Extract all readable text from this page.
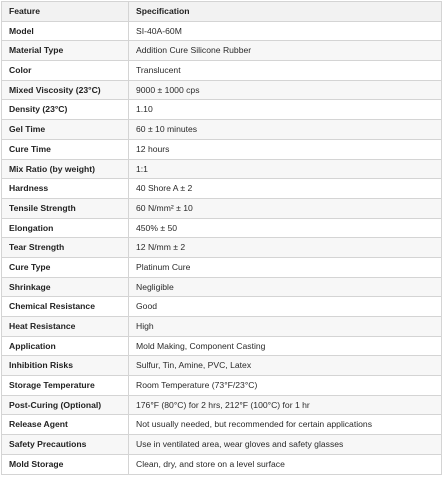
Feature	Specification
Model	SI-40A-60M
Material Type	Addition Cure Silicone Rubber
Color	Translucent
Mixed Viscosity (23°C)	9000 ± 1000 cps
Density (23°C)	1.10
Gel Time	60 ± 10 minutes
Cure Time	12 hours
Mix Ratio (by weight)	1:1
Hardness	40 Shore A ± 2
Tensile Strength	60 N/mm² ± 10
Elongation	450% ± 50
Tear Strength	12 N/mm ± 2
Cure Type	Platinum Cure
Shrinkage	Negligible
Chemical Resistance	Good
Heat Resistance	High
Application	Mold Making, Component Casting
Inhibition Risks	Sulfur, Tin, Amine, PVC, Latex
Storage Temperature	Room Temperature (73°F/23°C)
Post-Curing (Optional)	176°F (80°C) for 2 hrs, 212°F (100°C) for 1 hr
Release Agent	Not usually needed, but recommended for certain applications
Safety Precautions	Use in ventilated area, wear gloves and safety glasses
Mold Storage	Clean, dry, and store on a level surface
